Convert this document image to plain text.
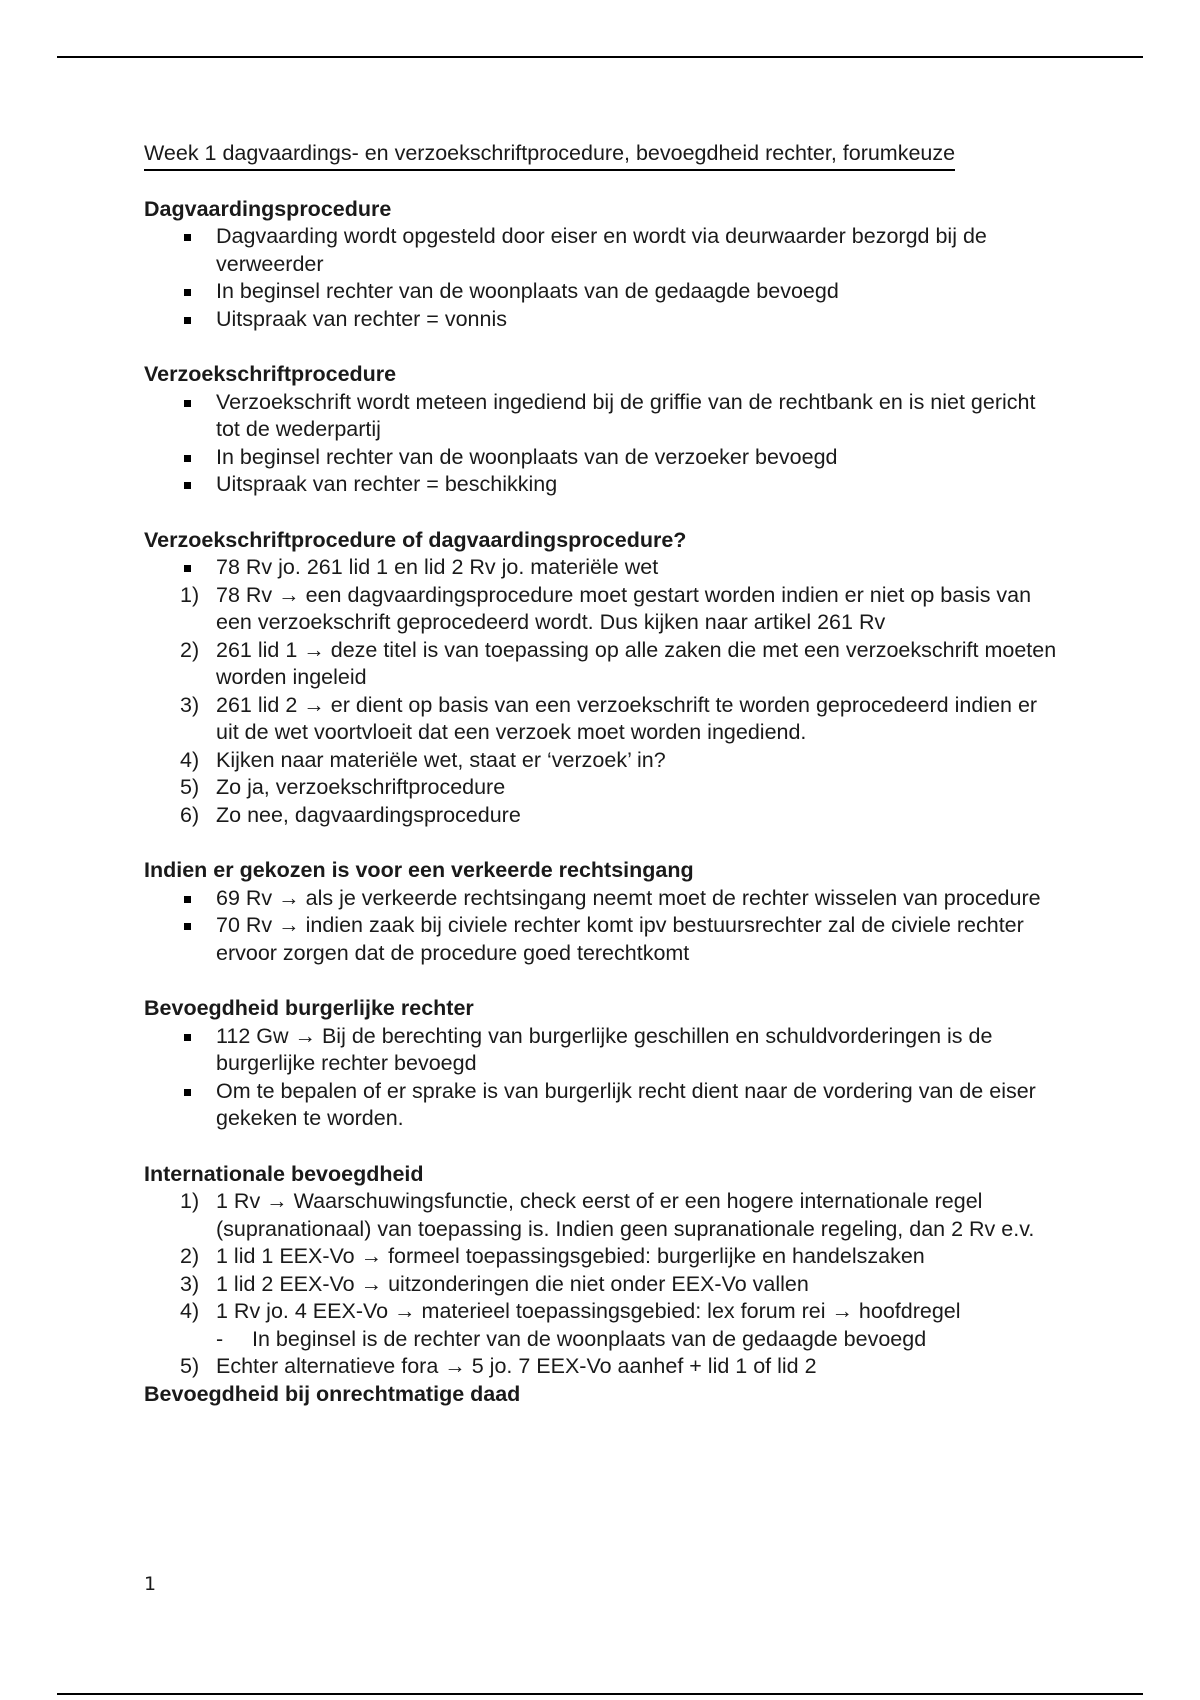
Week 1 dagvaardings- en verzoekschriftprocedure, bevoegdheid rechter, forumkeuze
Dagvaardingsprocedure
Dagvaarding wordt opgesteld door eiser en wordt via deurwaarder bezorgd bij de verweerder
In beginsel rechter van de woonplaats van de gedaagde bevoegd
Uitspraak van rechter = vonnis
Verzoekschriftprocedure
Verzoekschrift wordt meteen ingediend bij de griffie van de rechtbank en is niet gericht tot de wederpartij
In beginsel rechter van de woonplaats van de verzoeker bevoegd
Uitspraak van rechter = beschikking
Verzoekschriftprocedure of dagvaardingsprocedure?
78 Rv jo. 261 lid 1 en lid 2 Rv jo. materiële wet
1) 78 Rv → een dagvaardingsprocedure moet gestart worden indien er niet op basis van een verzoekschrift geprocedeerd wordt. Dus kijken naar artikel 261 Rv
2) 261 lid 1 → deze titel is van toepassing op alle zaken die met een verzoekschrift moeten worden ingeleid
3) 261 lid 2 → er dient op basis van een verzoekschrift te worden geprocedeerd indien er uit de wet voortvloeit dat een verzoek moet worden ingediend.
4) Kijken naar materiële wet, staat er ‘verzoek’ in?
5) Zo ja, verzoekschriftprocedure
6) Zo nee, dagvaardingsprocedure
Indien er gekozen is voor een verkeerde rechtsingang
69 Rv → als je verkeerde rechtsingang neemt moet de rechter wisselen van procedure
70 Rv → indien zaak bij civiele rechter komt ipv bestuursrechter zal de civiele rechter ervoor zorgen dat de procedure goed terechtkomt
Bevoegdheid burgerlijke rechter
112 Gw → Bij de berechting van burgerlijke geschillen en schuldvorderingen is de burgerlijke rechter bevoegd
Om te bepalen of er sprake is van burgerlijk recht dient naar de vordering van de eiser gekeken te worden.
Internationale bevoegdheid
1) 1 Rv → Waarschuwingsfunctie, check eerst of er een hogere internationale regel (supranationaal) van toepassing is. Indien geen supranationale regeling, dan 2 Rv e.v.
2) 1 lid 1 EEX-Vo → formeel toepassingsgebied: burgerlijke en handelszaken
3) 1 lid 2 EEX-Vo → uitzonderingen die niet onder EEX-Vo vallen
4) 1 Rv jo. 4 EEX-Vo → materieel toepassingsgebied: lex forum rei → hoofdregel
- In beginsel is de rechter van de woonplaats van de gedaagde bevoegd
5) Echter alternatieve fora → 5 jo. 7 EEX-Vo aanhef + lid 1 of lid 2
Bevoegdheid bij onrechtmatige daad
1
